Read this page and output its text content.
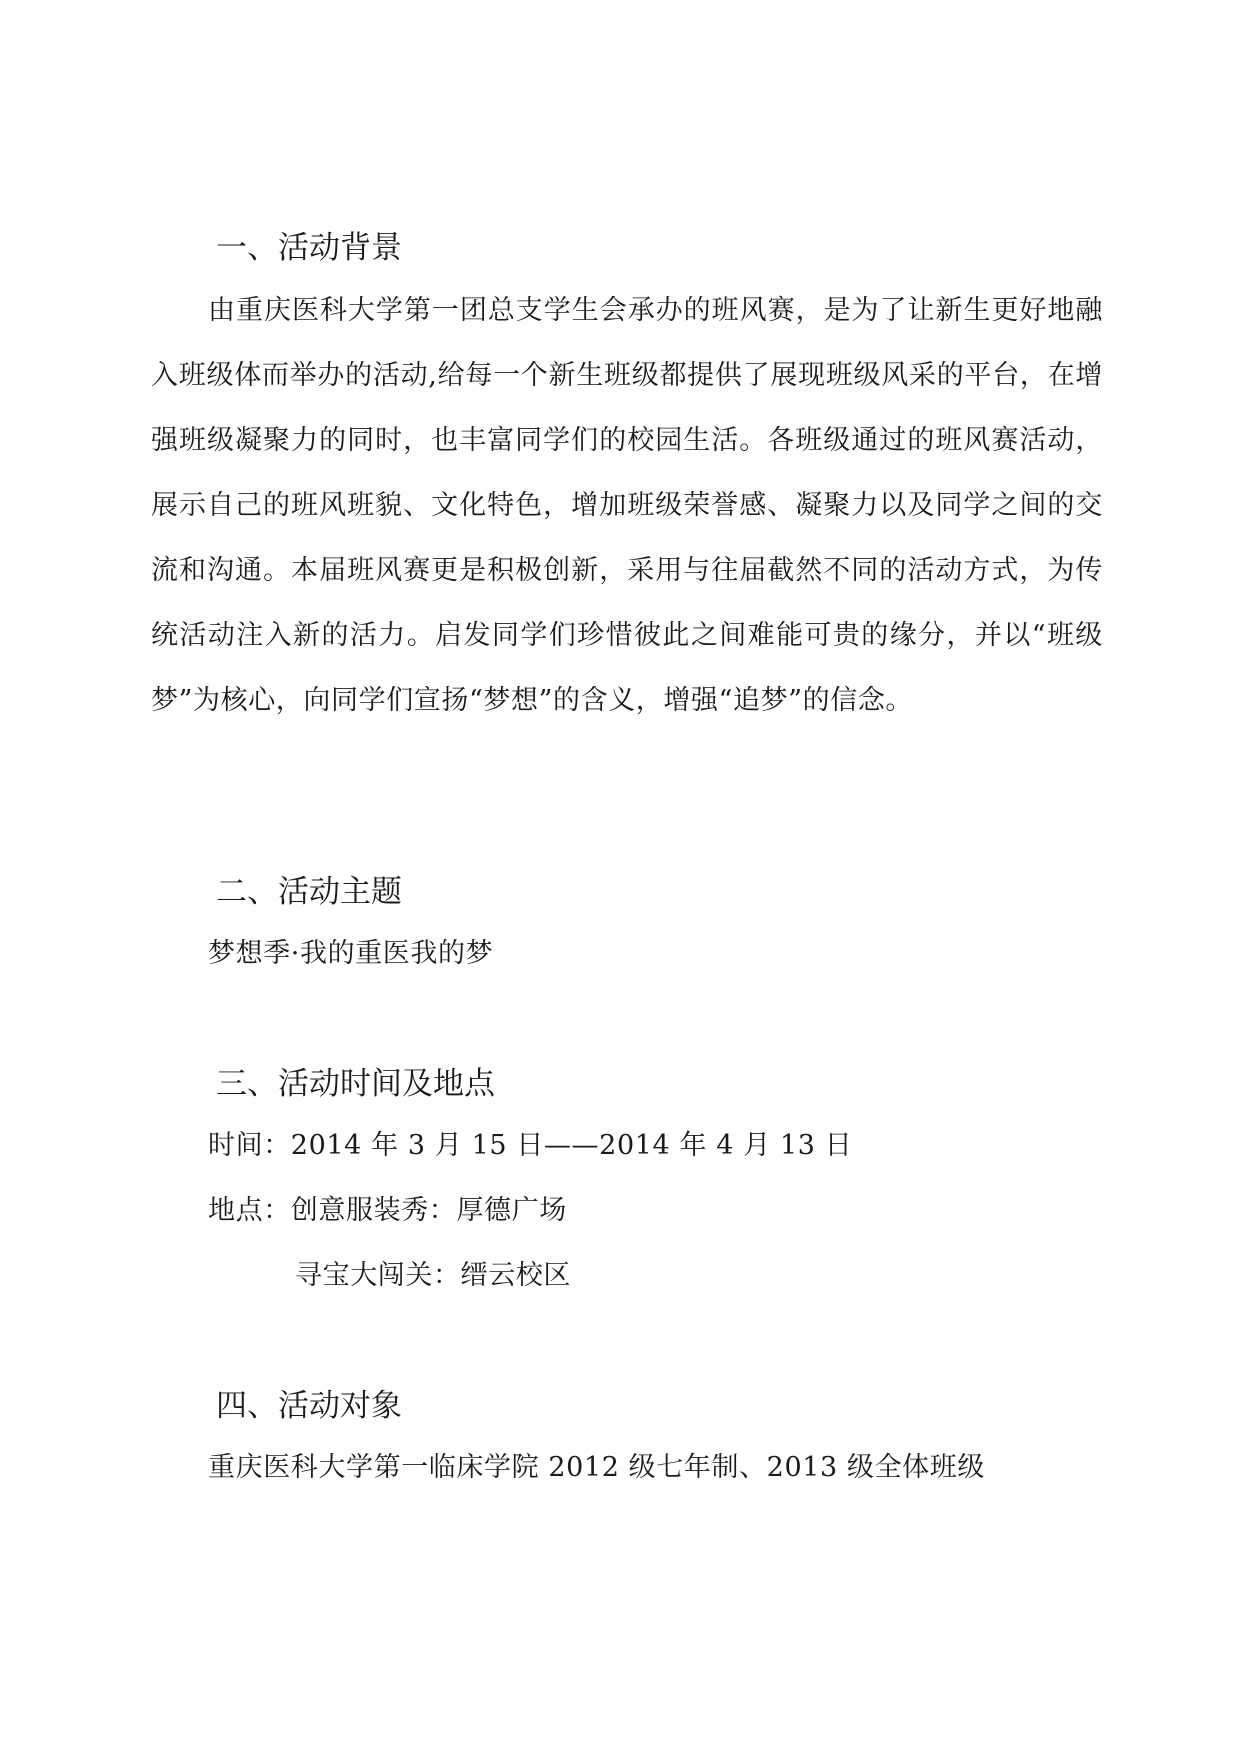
一、活动背景

由重庆医科大学第一团总支学生会承办的班风赛，是为了让新生更好地融入班级体而举办的活动,给每一个新生班级都提供了展现班级风采的平台，在增强班级凝聚力的同时，也丰富同学们的校园生活。各班级通过的班风赛活动，展示自己的班风班貌、文化特色，增加班级荣誉感、凝聚力以及同学之间的交流和沟通。本届班风赛更是积极创新，采用与往届截然不同的活动方式，为传统活动注入新的活力。启发同学们珍惜彼此之间难能可贵的缘分，并以“班级梦”为核心，向同学们宣扬“梦想”的含义，增强“追梦”的信念。

二、活动主题

梦想季·我的重医我的梦

三、活动时间及地点

时间：2014 年 3 月 15 日——2014 年 4 月 13 日

地点：创意服装秀：厚德广场

寻宝大闯关：缙云校区

四、活动对象

重庆医科大学第一临床学院 2012 级七年制、2013 级全体班级
